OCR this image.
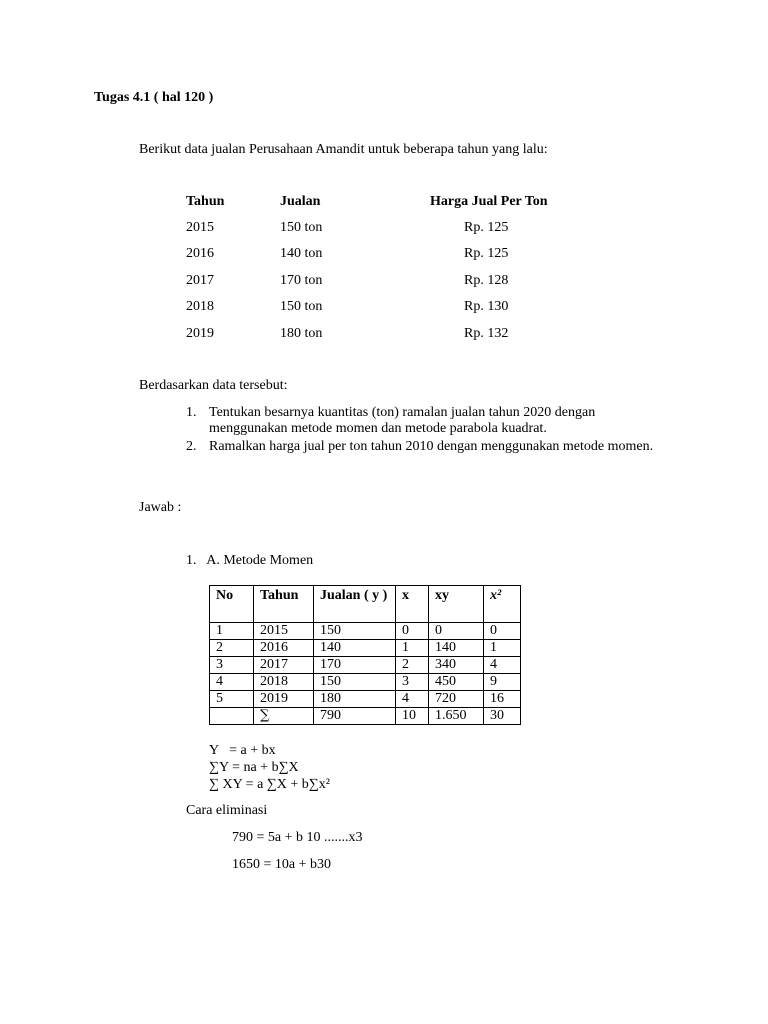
Tugas 4.1 ( hal 120 )
Berikut data jualan Perusahaan Amandit untuk beberapa tahun yang lalu:
Tahun	Jualan	Harga Jual Per Ton
2015	150 ton	Rp. 125
2016	140 ton	Rp. 125
2017	170 ton	Rp. 128
2018	150 ton	Rp. 130
2019	180 ton	Rp. 132
Berdasarkan data tersebut:
1. Tentukan besarnya kuantitas (ton) ramalan jualan tahun 2020 dengan menggunakan metode momen dan metode parabola kuadrat.
2. Ramalkan harga jual per ton tahun 2010 dengan menggunakan metode momen.
Jawab :
1.   A. Metode Momen
No	Tahun	Jualan ( y )	x	xy	x²
1	2015	150	0	0	0
2	2016	140	1	140	1
3	2017	170	2	340	4
4	2018	150	3	450	9
5	2019	180	4	720	16
	∑	790	10	1.650	30
Y   = a + bx
∑Y = na + b∑X
∑ XY = a ∑X + b∑x²
Cara eliminasi
790 = 5a + b 10 .......x3
1650 = 10a + b30
